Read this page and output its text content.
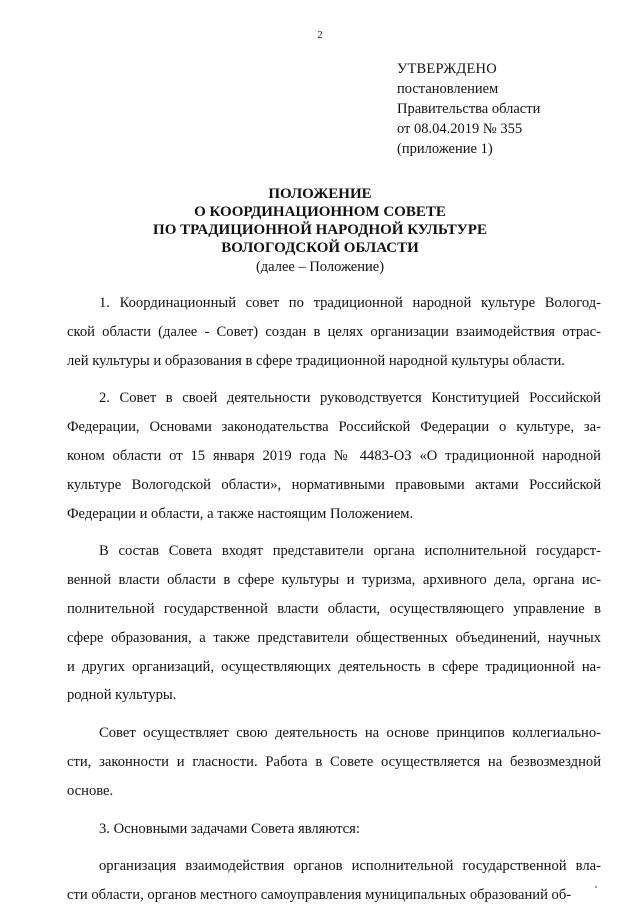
2
УТВЕРЖДЕНО
постановлением
Правительства области
от 08.04.2019 № 355
(приложение 1)
ПОЛОЖЕНИЕ
О КООРДИНАЦИОННОМ СОВЕТЕ
ПО ТРАДИЦИОННОЙ НАРОДНОЙ КУЛЬТУРЕ
ВОЛОГОДСКОЙ ОБЛАСТИ
(далее – Положение)
1. Координационный совет по традиционной народной культуре Вологод-
ской области (далее - Совет) создан в целях организации взаимодействия отрас-
лей культуры и образования в сфере традиционной народной культуры области.
2. Совет в своей деятельности руководствуется Конституцией Российской
Федерации, Основами законодательства Российской Федерации о культуре, за-
коном области от 15 января 2019 года № 4483-ОЗ «О традиционной народной
культуре Вологодской области», нормативными правовыми актами Российской
Федерации и области, а также настоящим Положением.
В состав Совета входят представители органа исполнительной государст-
венной власти области в сфере культуры и туризма, архивного дела, органа ис-
полнительной государственной власти области, осуществляющего управление в
сфере образования, а также представители общественных объединений, научных
и других организаций, осуществляющих деятельность в сфере традиционной на-
родной культуры.
Совет осуществляет свою деятельность на основе принципов коллегиально-
сти, законности и гласности. Работа в Совете осуществляется на безвозмездной
основе.
3. Основными задачами Совета являются:
организация взаимодействия органов исполнительной государственной вла-
сти области, органов местного самоуправления муниципальных образований об-
